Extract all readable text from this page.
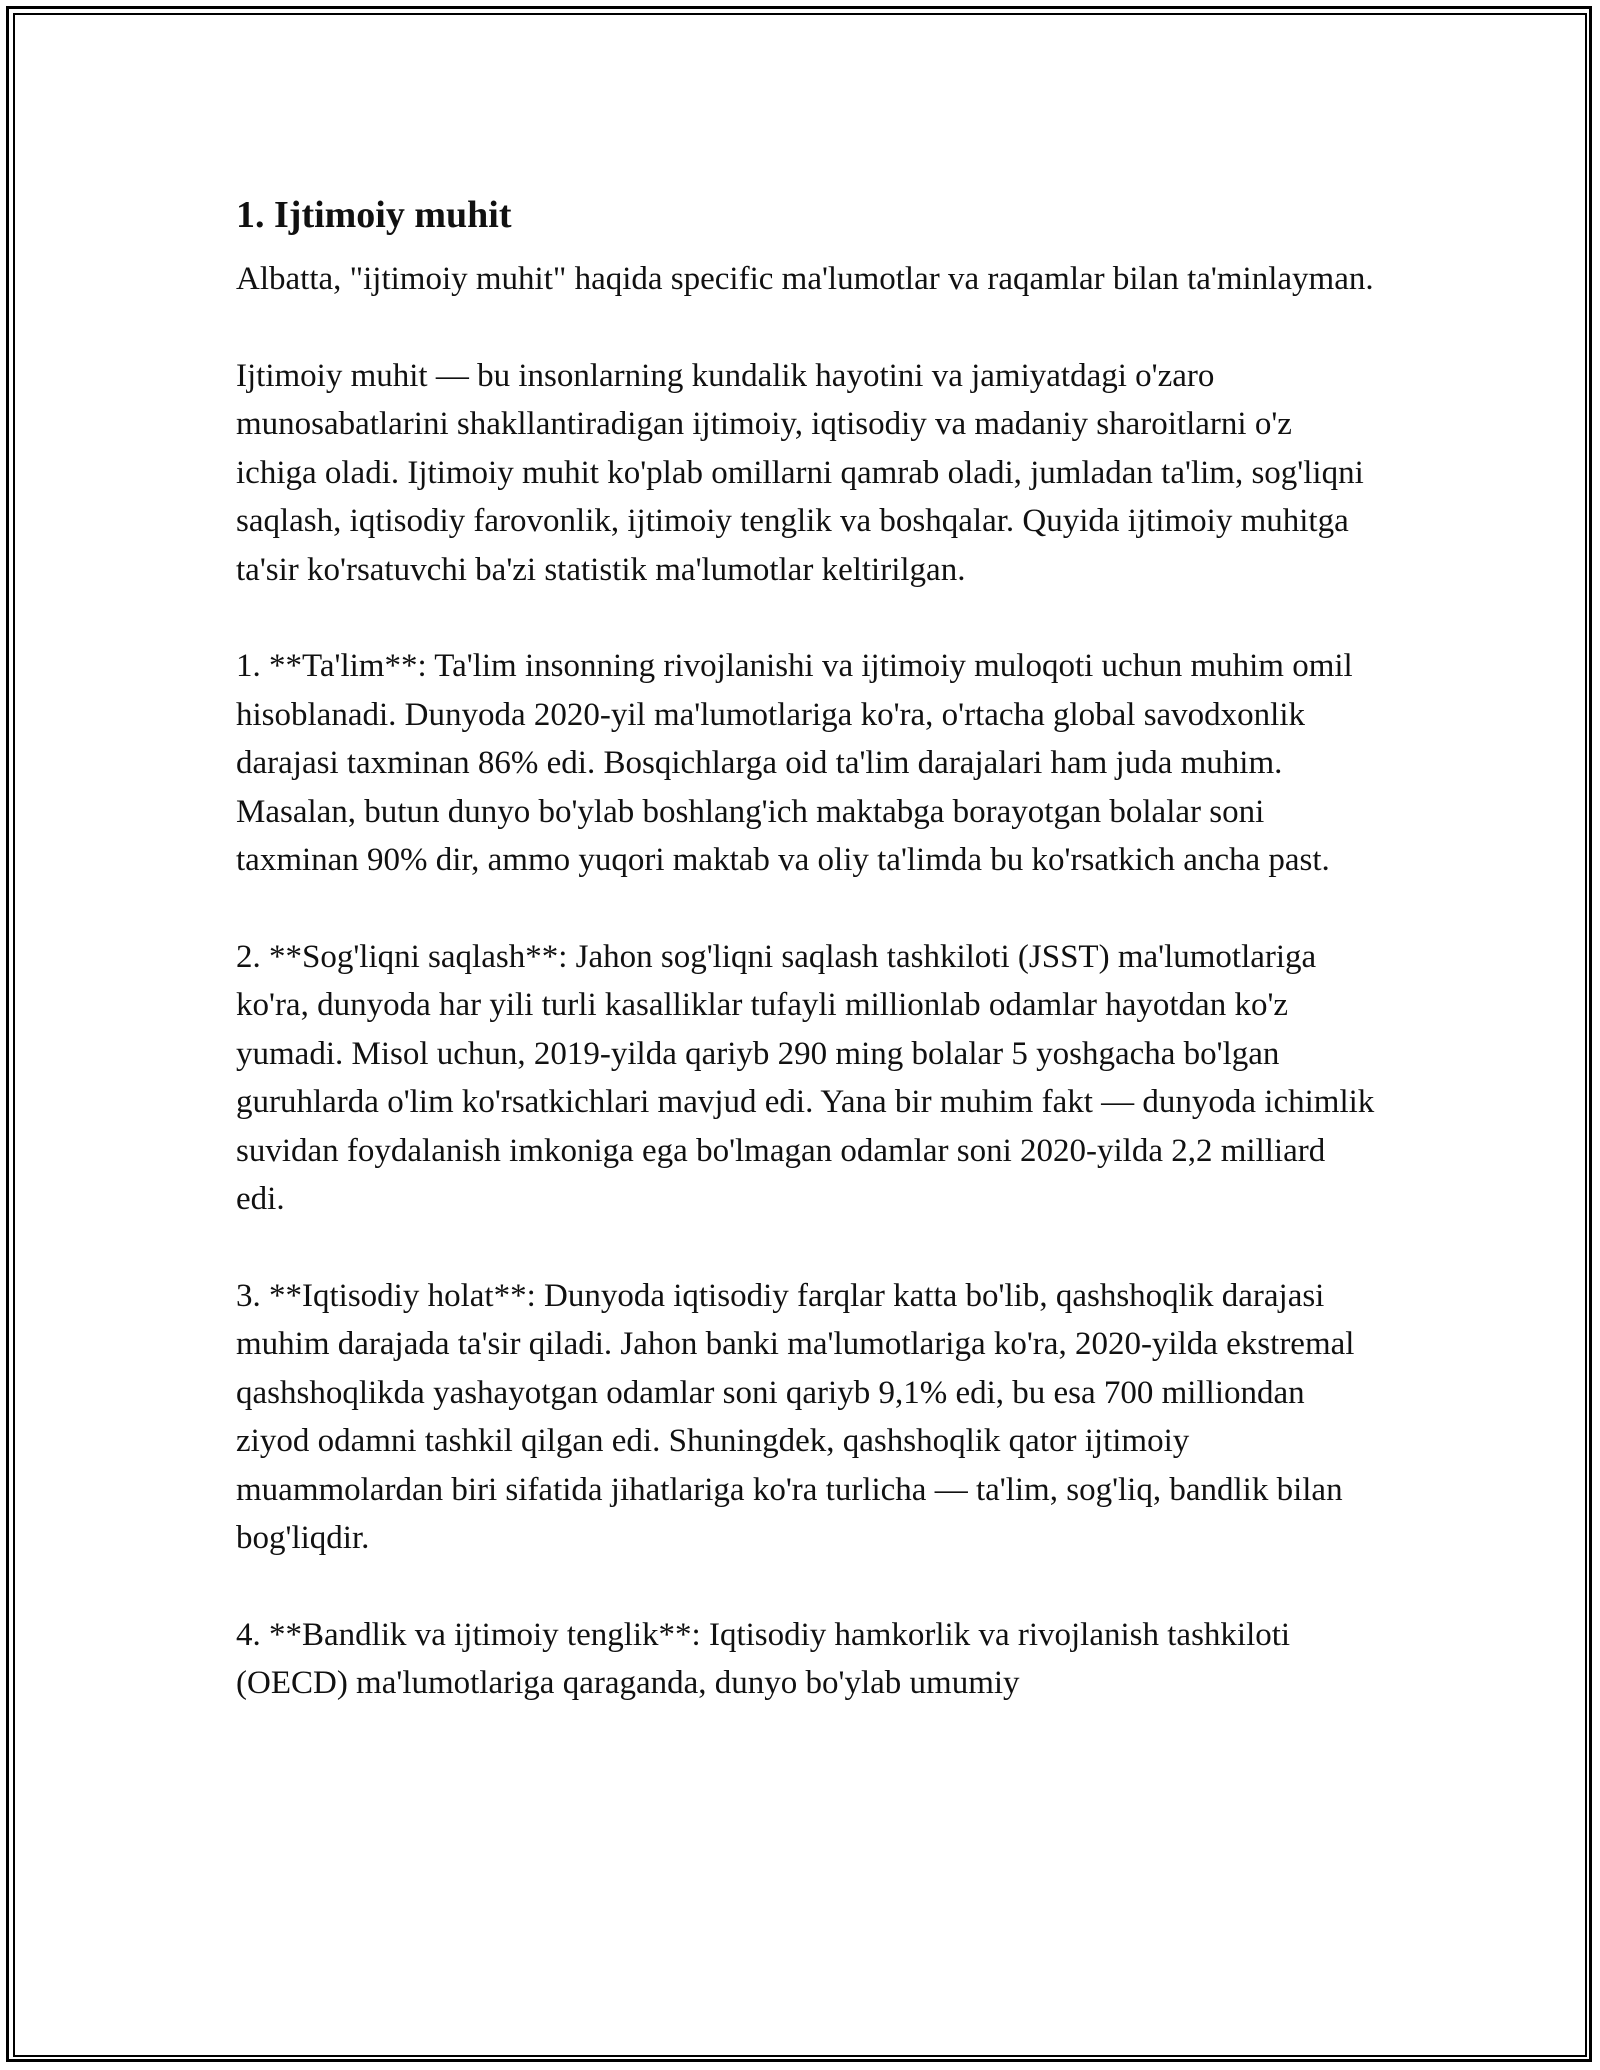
1. Ijtimoiy muhit

Albatta, "ijtimoiy muhit" haqida specific ma'lumotlar va raqamlar bilan ta'minlayman.

Ijtimoiy muhit — bu insonlarning kundalik hayotini va jamiyatdagi o'zaro munosabatlarini shakllantiradigan ijtimoiy, iqtisodiy va madaniy sharoitlarni o'z ichiga oladi. Ijtimoiy muhit ko'plab omillarni qamrab oladi, jumladan ta'lim, sog'liqni saqlash, iqtisodiy farovonlik, ijtimoiy tenglik va boshqalar. Quyida ijtimoiy muhitga ta'sir ko'rsatuvchi ba'zi statistik ma'lumotlar keltirilgan.

1. **Ta'lim**: Ta'lim insonning rivojlanishi va ijtimoiy muloqoti uchun muhim omil hisoblanadi. Dunyoda 2020-yil ma'lumotlariga ko'ra, o'rtacha global savodxonlik darajasi taxminan 86% edi. Bosqichlarga oid ta'lim darajalari ham juda muhim. Masalan, butun dunyo bo'ylab boshlang'ich maktabga borayotgan bolalar soni taxminan 90% dir, ammo yuqori maktab va oliy ta'limda bu ko'rsatkich ancha past.

2. **Sog'liqni saqlash**: Jahon sog'liqni saqlash tashkiloti (JSST) ma'lumotlariga ko'ra, dunyoda har yili turli kasalliklar tufayli millionlab odamlar hayotdan ko'z yumadi. Misol uchun, 2019-yilda qariyb 290 ming bolalar 5 yoshgacha bo'lgan guruhlarda o'lim ko'rsatkichlari mavjud edi. Yana bir muhim fakt — dunyoda ichimlik suvidan foydalanish imkoniga ega bo'lmagan odamlar soni 2020-yilda 2,2 milliard edi.

3. **Iqtisodiy holat**: Dunyoda iqtisodiy farqlar katta bo'lib, qashshoqlik darajasi muhim darajada ta'sir qiladi. Jahon banki ma'lumotlariga ko'ra, 2020-yilda ekstremal qashshoqlikda yashayotgan odamlar soni qariyb 9,1% edi, bu esa 700 milliondan ziyod odamni tashkil qilgan edi. Shuningdek, qashshoqlik qator ijtimoiy muammolardan biri sifatida jihatlariga ko'ra turlicha — ta'lim, sog'liq, bandlik bilan bog'liqdir.

4. **Bandlik va ijtimoiy tenglik**: Iqtisodiy hamkorlik va rivojlanish tashkiloti (OECD) ma'lumotlariga qaraganda, dunyo bo'ylab umumiy
